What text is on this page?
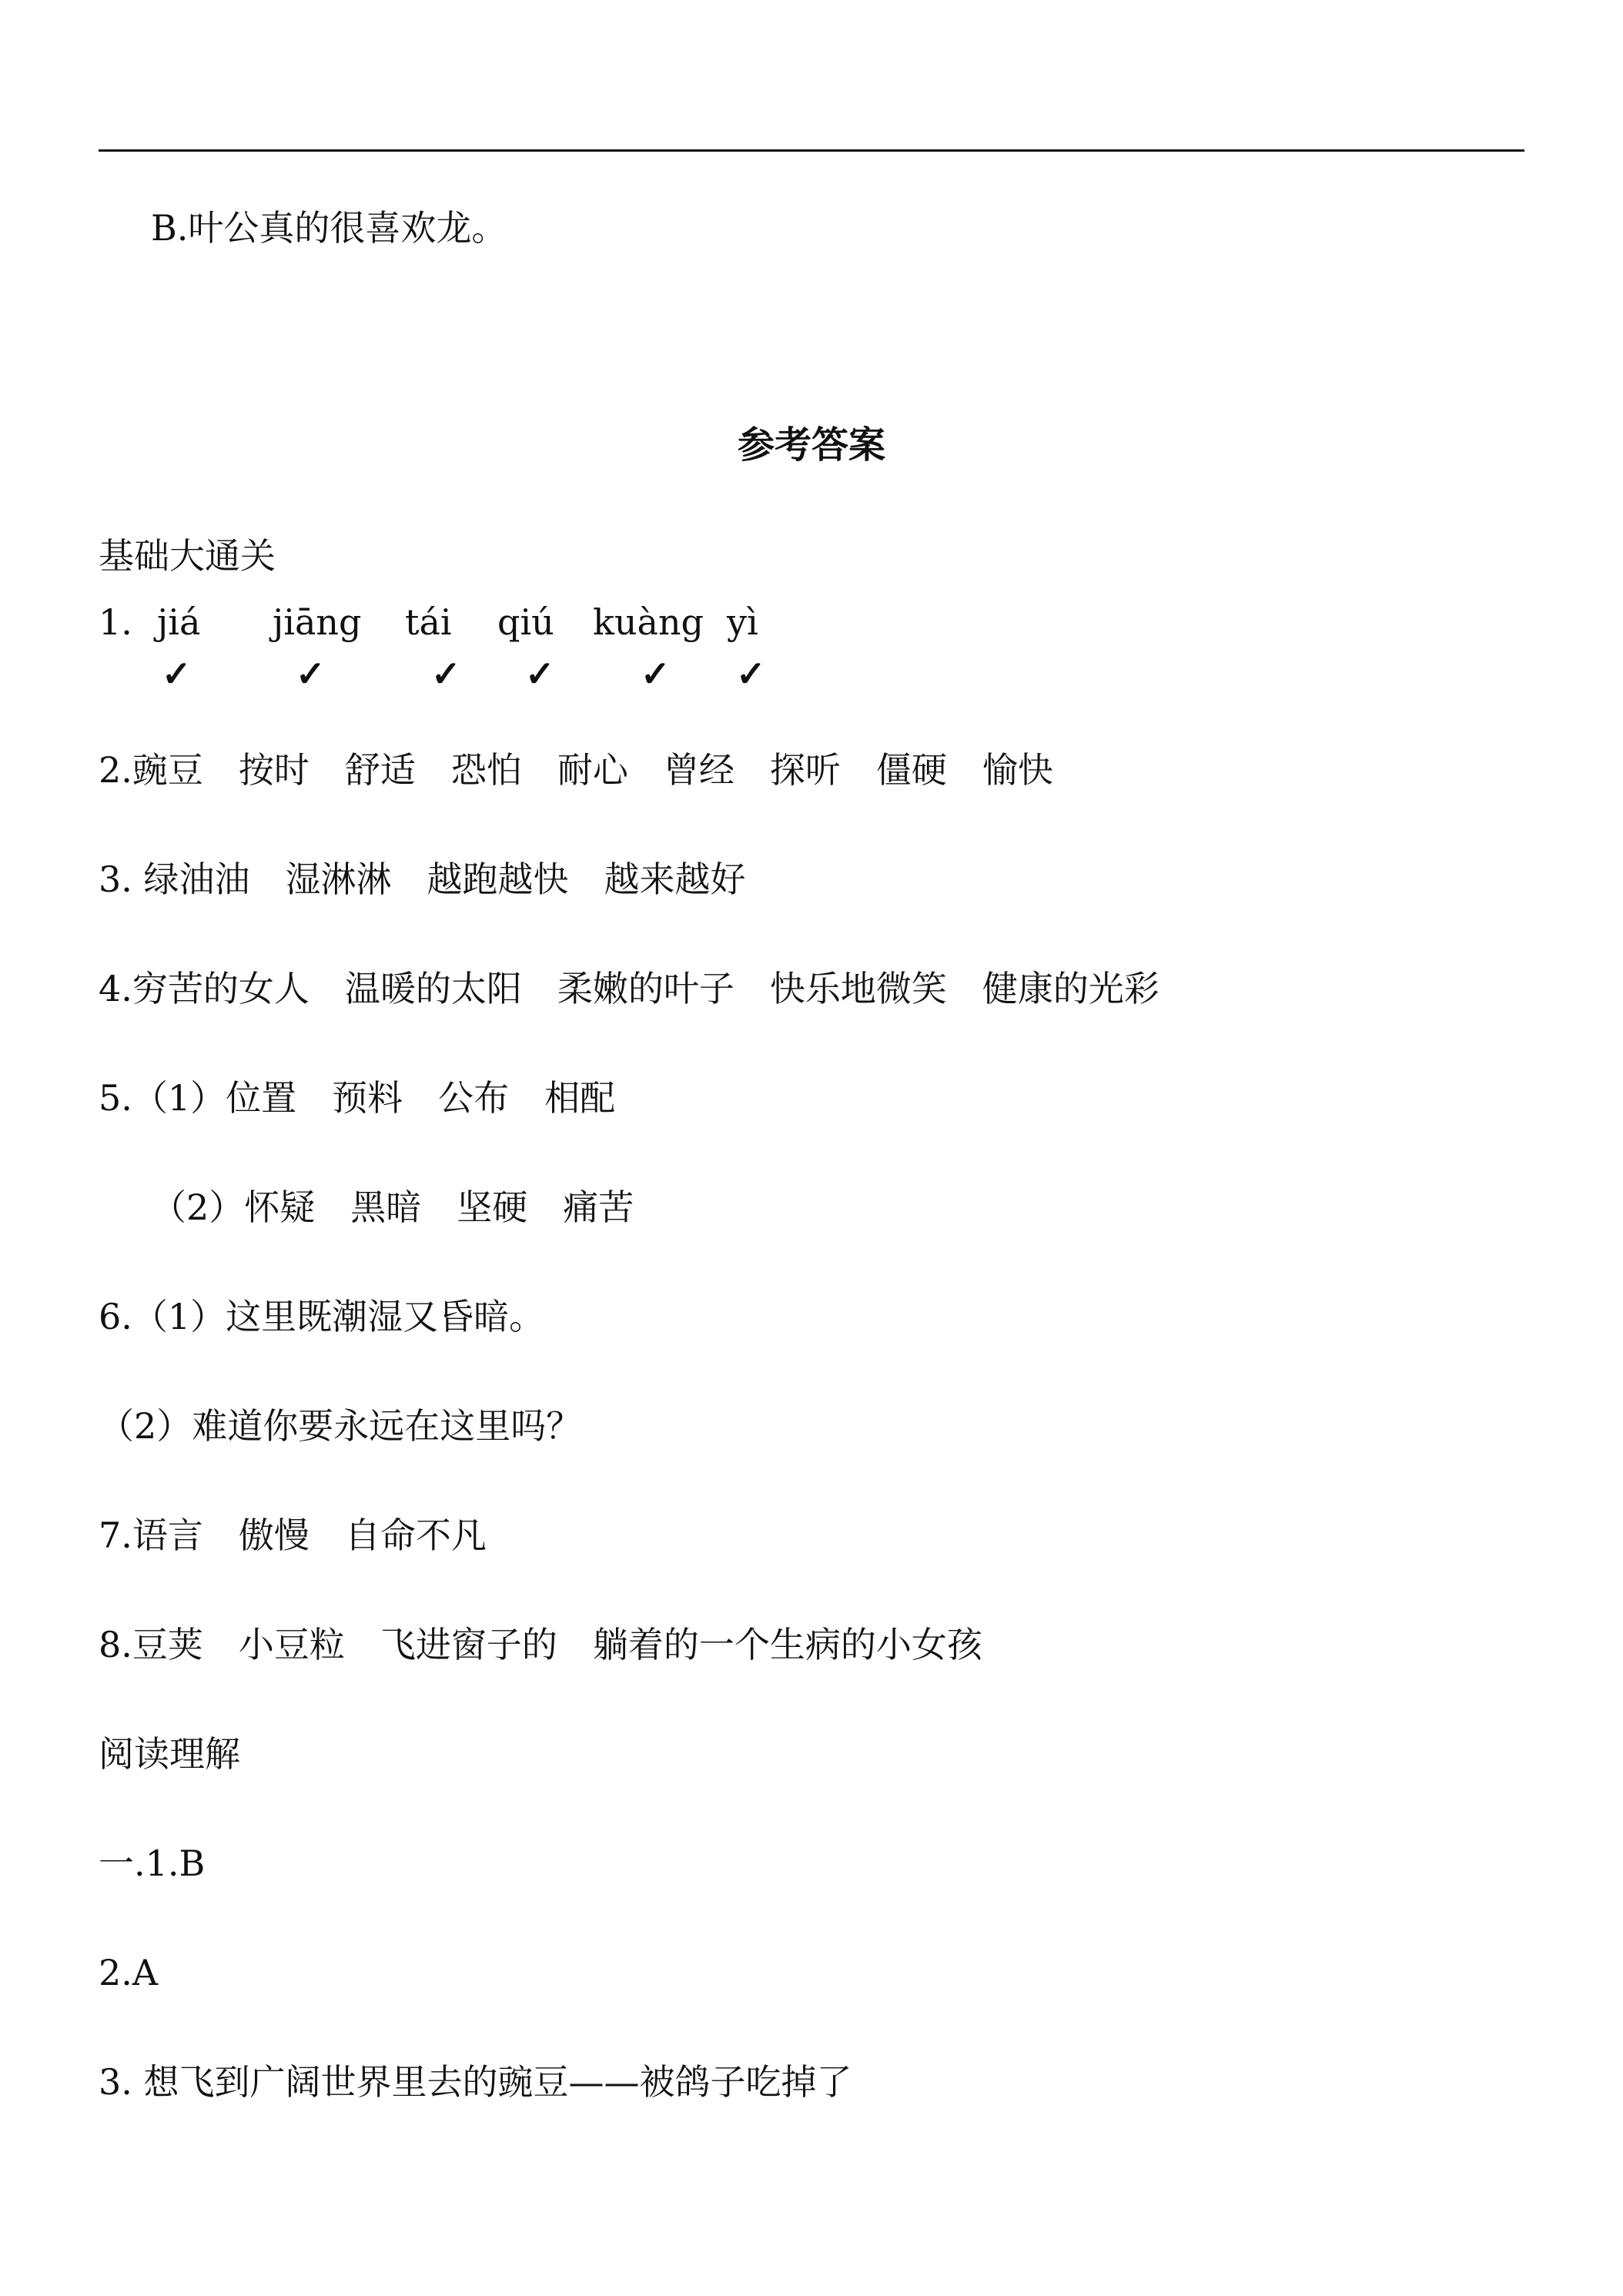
B.叶公真的很喜欢龙。
参考答案
基础大通关
1. jiá jiāng tái qiú kuàng yì
✓	✓	✓ ✓ ✓ ✓
2.豌豆　按时　舒适　恐怕　耐心　曾经　探听　僵硬　愉快
3. 绿油油　湿淋淋　越跑越快　越来越好
4.穷苦的女人　温暖的太阳　柔嫩的叶子　快乐地微笑　健康的光彩
5.（1）位置　预料　公布　相配
（2）怀疑　黑暗　坚硬　痛苦
6.（1）这里既潮湿又昏暗。
（2）难道你要永远在这里吗？
7.语言　傲慢　自命不凡
8.豆荚　小豆粒　飞进窗子的　躺着的一个生病的小女孩
阅读理解
一.1.B
2.A
3. 想飞到广阔世界里去的豌豆——被鸽子吃掉了
